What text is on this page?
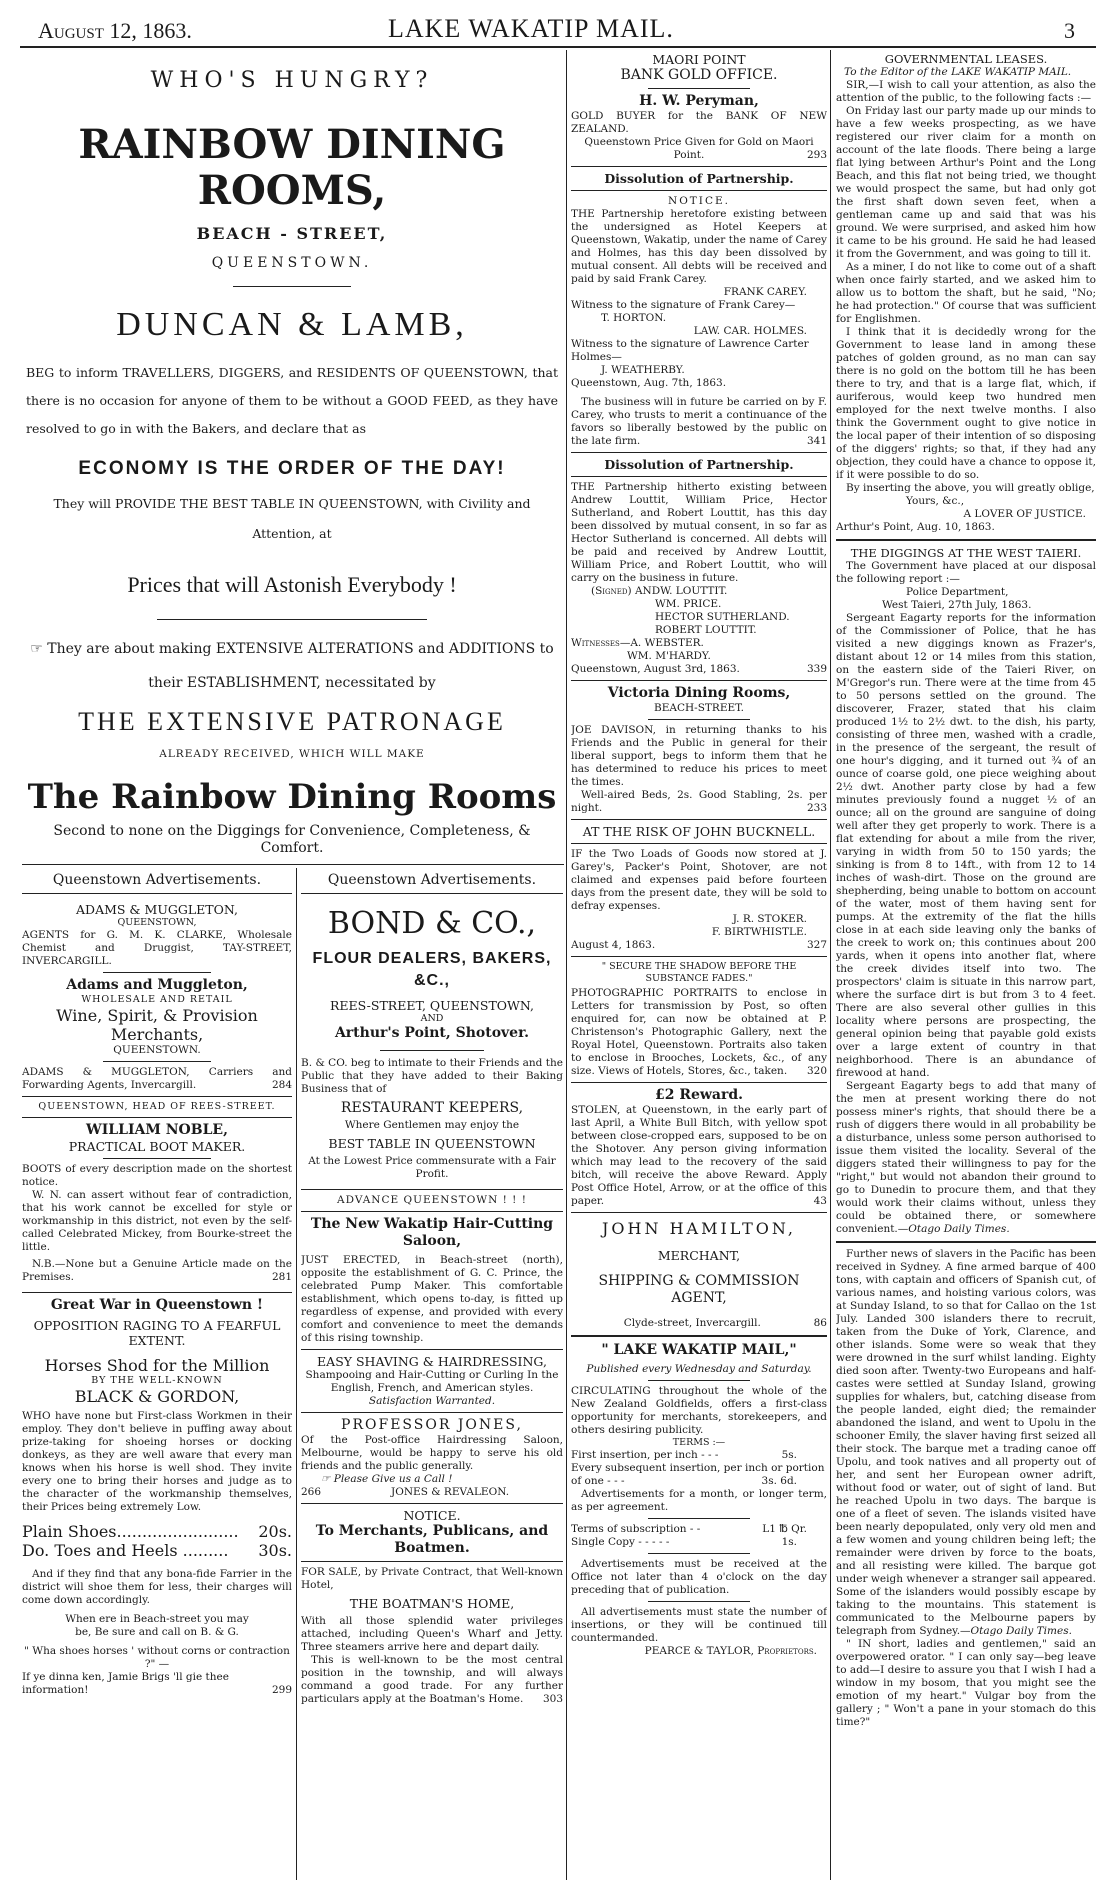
August 12, 1863.	LAKE WAKATIP MAIL.	3
WHO'S HUNGRY?
RAINBOW DINING ROOMS,
BEACH - STREET,
QUEENSTOWN.
DUNCAN & LAMB,
BEG to inform TRAVELLERS, DIGGERS, and RESIDENTS OF QUEENSTOWN, that there is no occasion for anyone of them to be without a GOOD FEED, as they have resolved to go in with the Bakers, and declare that as
ECONOMY IS THE ORDER OF THE DAY!
They will PROVIDE THE BEST TABLE IN QUEENSTOWN, with Civility and Attention, at
Prices that will Astonish Everybody !
☞ They are about making EXTENSIVE ALTERATIONS and ADDITIONS to their ESTABLISHMENT, necessitated by
THE EXTENSIVE PATRONAGE
ALREADY RECEIVED, WHICH WILL MAKE
The Rainbow Dining Rooms
Second to none on the Diggings for Convenience, Completeness, & Comfort.
Queenstown Advertisements.
ADAMS & MUGGLETON,
QUEENSTOWN,
AGENTS for G. M. K. CLARKE, Wholesale Chemist and Druggist, TAY-STREET, INVERCARGILL.
Adams and Muggleton,
WHOLESALE AND RETAIL
Wine, Spirit, & Provision Merchants,
QUEENSTOWN.
ADAMS & MUGGLETON, Carriers and Forwarding Agents, Invercargill.	284
QUEENSTOWN, HEAD OF REES-STREET.
WILLIAM NOBLE,
PRACTICAL BOOT MAKER.
BOOTS of every description made on the shortest notice.
W. N. can assert without fear of contradiction, that his work cannot be excelled for style or workmanship in this district, not even by the self-called Celebrated Mickey, from Bourke-street the little.
N.B.—None but a Genuine Article made on the Premises.	281
Great War in Queenstown !
OPPOSITION RAGING TO A FEARFUL EXTENT.
Horses Shod for the Million
BY THE WELL-KNOWN
BLACK & GORDON,
WHO have none but First-class Workmen in their employ. They don't believe in puffing away about prize-taking for shoeing horses or docking donkeys, as they are well aware that every man knows when his horse is well shod. They invite every one to bring their horses and judge as to the character of the workmanship themselves, their Prices being extremely Low.
Plain Shoes........................ 20s.
Do. Toes and Heels ......... 30s.
And if they find that any bona-fide Farrier in the district will shoe them for less, their charges will come down accordingly.
When ere in Beach-street you may be, Be sure and call on B. & G.
" Wha shoes horses ' without corns or contraction ?" —
If ye dinna ken, Jamie Brigs 'll gie thee information!	299
Queenstown Advertisements.
BOND & CO.,
FLOUR DEALERS, BAKERS, &C.,
REES-STREET, QUEENSTOWN,
AND
Arthur's Point, Shotover.
B. & CO. beg to intimate to their Friends and the Public that they have added to their Baking Business that of
RESTAURANT KEEPERS,
Where Gentlemen may enjoy the
BEST TABLE IN QUEENSTOWN
At the Lowest Price commensurate with a Fair Profit.
ADVANCE QUEENSTOWN ! ! !
The New Wakatip Hair-Cutting Saloon,
JUST ERECTED, in Beach-street (north), opposite the establishment of G. C. Prince, the celebrated Pump Maker. This comfortable establishment, which opens to-day, is fitted up regardless of expense, and provided with every comfort and convenience to meet the demands of this rising township.
EASY SHAVING & HAIRDRESSING,
Shampooing and Hair-Cutting or Curling In the English, French, and American styles.
Satisfaction Warranted.
PROFESSOR JONES,
Of the Post-office Hairdressing Saloon, Melbourne, would be happy to serve his old friends and the public generally.
☞ Please Give us a Call !
266	JONES & REVALEON.
NOTICE.
To Merchants, Publicans, and Boatmen.
FOR SALE, by Private Contract, that Well-known Hotel,
THE BOATMAN'S HOME,
With all those splendid water privileges attached, including Queen's Wharf and Jetty. Three steamers arrive here and depart daily.
This is well-known to be the most central position in the township, and will always command a good trade. For any further particulars apply at the Boatman's Home.	303
MAORI POINT
BANK GOLD OFFICE.
H. W. Peryman,
GOLD BUYER for the BANK OF NEW ZEALAND.
Queenstown Price Given for Gold on Maori Point.	293
Dissolution of Partnership.
NOTICE.
THE Partnership heretofore existing between the undersigned as Hotel Keepers at Queenstown, Wakatip, under the name of Carey and Holmes, has this day been dissolved by mutual consent. All debts will be received and paid by said Frank Carey.
FRANK CAREY.
Witness to the signature of Frank Carey—
T. HORTON.
LAW. CAR. HOLMES.
Witness to the signature of Lawrence Carter Holmes—
J. WEATHERBY.
Queenstown, Aug. 7th, 1863.
The business will in future be carried on by F. Carey, who trusts to merit a continuance of the favors so liberally bestowed by the public on the late firm.	341
Dissolution of Partnership.
THE Partnership hitherto existing between Andrew Louttit, William Price, Hector Sutherland, and Robert Louttit, has this day been dissolved by mutual consent, in so far as Hector Sutherland is concerned. All debts will be paid and received by Andrew Louttit, William Price, and Robert Louttit, who will carry on the business in future.
(Signed) ANDW. LOUTTIT.
WM. PRICE.
HECTOR SUTHERLAND.
ROBERT LOUTTIT.
Witnesses—A. WEBSTER.
WM. M'HARDY.
Queenstown, August 3rd, 1863.	339
Victoria Dining Rooms,
BEACH-STREET.
JOE DAVISON, in returning thanks to his Friends and the Public in general for their liberal support, begs to inform them that he has determined to reduce his prices to meet the times.
Well-aired Beds, 2s. Good Stabling, 2s. per night.	233
AT THE RISK OF JOHN BUCKNELL.
IF the Two Loads of Goods now stored at J. Garey's, Packer's Point, Shotover, are not claimed and expenses paid before fourteen days from the present date, they will be sold to defray expenses.
J. R. STOKER.
F. BIRTWHISTLE.
August 4, 1863.	327
" SECURE THE SHADOW BEFORE THE SUBSTANCE FADES."
PHOTOGRAPHIC PORTRAITS to enclose in Letters for transmission by Post, so often enquired for, can now be obtained at P. Christenson's Photographic Gallery, next the Royal Hotel, Queenstown. Portraits also taken to enclose in Brooches, Lockets, &c., of any size. Views of Hotels, Stores, &c., taken. 320
£2 Reward.
STOLEN, at Queenstown, in the early part of last April, a White Bull Bitch, with yellow spot between close-cropped ears, supposed to be on the Shotover. Any person giving information which may lead to the recovery of the said bitch, will receive the above Reward. Apply Post Office Hotel, Arrow, or at the office of this paper.	43
JOHN HAMILTON,
MERCHANT,
SHIPPING & COMMISSION AGENT,
Clyde-street, Invercargill.	86
" LAKE WAKATIP MAIL,"
Published every Wednesday and Saturday.
CIRCULATING throughout the whole of the New Zealand Goldfields, offers a first-class opportunity for merchants, storekeepers, and others desiring publicity.
TERMS :—
First insertion, per inch - - -	5s.
Every subsequent insertion, per inch or portion of one - - -	3s. 6d.
Advertisements for a month, or longer term, as per agreement.
Terms of subscription - -	L1 ℔ Qr.
Single Copy - - - - -	1s.
Advertisements must be received at the Office not later than 4 o'clock on the day preceding that of publication.
All advertisements must state the number of insertions, or they will be continued till countermanded.
PEARCE & TAYLOR, Proprietors.
GOVERNMENTAL LEASES.
To the Editor of the LAKE WAKATIP MAIL.
SIR,—I wish to call your attention, as also the attention of the public, to the following facts :—
On Friday last our party made up our minds to have a few weeks prospecting, as we have registered our river claim for a month on account of the late floods. There being a large flat lying between Arthur's Point and the Long Beach, and this flat not being tried, we thought we would prospect the same, but had only got the first shaft down seven feet, when a gentleman came up and said that was his ground. We were surprised, and asked him how it came to be his ground. He said he had leased it from the Government, and was going to till it.
As a miner, I do not like to come out of a shaft when once fairly started, and we asked him to allow us to bottom the shaft, but he said, "No; he had protection." Of course that was sufficient for Englishmen.
I think that it is decidedly wrong for the Government to lease land in among these patches of golden ground, as no man can say there is no gold on the bottom till he has been there to try, and that is a large flat, which, if auriferous, would keep two hundred men employed for the next twelve months. I also think the Government ought to give notice in the local paper of their intention of so disposing of the diggers' rights; so that, if they had any objection, they could have a chance to oppose it, if it were possible to do so.
By inserting the above, you will greatly oblige,
Yours, &c.,
A LOVER OF JUSTICE.
Arthur's Point, Aug. 10, 1863.
THE DIGGINGS AT THE WEST TAIERI.
The Government have placed at our disposal the following report :—
Police Department,
West Taieri, 27th July, 1863.
Sergeant Eagarty reports for the information of the Commissioner of Police, that he has visited a new diggings known as Frazer's, distant about 12 or 14 miles from this station, on the eastern side of the Taieri River, on M'Gregor's run. There were at the time from 45 to 50 persons settled on the ground. The discoverer, Frazer, stated that his claim produced 1½ to 2½ dwt. to the dish, his party, consisting of three men, washed with a cradle, in the presence of the sergeant, the result of one hour's digging, and it turned out ¾ of an ounce of coarse gold, one piece weighing about 2½ dwt. Another party close by had a few minutes previously found a nugget ½ of an ounce; all on the ground are sanguine of doing well after they get properly to work. There is a flat extending for about a mile from the river, varying in width from 50 to 150 yards; the sinking is from 8 to 14ft., with from 12 to 14 inches of wash-dirt. Those on the ground are shepherding, being unable to bottom on account of the water, most of them having sent for pumps. At the extremity of the flat the hills close in at each side leaving only the banks of the creek to work on; this continues about 200 yards, when it opens into another flat, where the creek divides itself into two. The prospectors' claim is situate in this narrow part, where the surface dirt is but from 3 to 4 feet. There are also several other gullies in this locality where persons are prospecting, the general opinion being that payable gold exists over a large extent of country in that neighborhood. There is an abundance of firewood at hand.
Sergeant Eagarty begs to add that many of the men at present working there do not possess miner's rights, that should there be a rush of diggers there would in all probability be a disturbance, unless some person authorised to issue them visited the locality. Several of the diggers stated their willingness to pay for the "right," but would not abandon their ground to go to Dunedin to procure them, and that they would work their claims without, unless they could be obtained there, or somewhere convenient.—Otago Daily Times.
Further news of slavers in the Pacific has been received in Sydney. A fine armed barque of 400 tons, with captain and officers of Spanish cut, of various names, and hoisting various colors, was at Sunday Island, to so that for Callao on the 1st July. Landed 300 islanders there to recruit, taken from the Duke of York, Clarence, and other islands. Some were so weak that they were drowned in the surf whilst landing. Eighty died soon after. Twenty-two Europeans and half-castes were settled at Sunday Island, growing supplies for whalers, but, catching disease from the people landed, eight died; the remainder abandoned the island, and went to Upolu in the schooner Emily, the slaver having first seized all their stock. The barque met a trading canoe off Upolu, and took natives and all property out of her, and sent her European owner adrift, without food or water, out of sight of land. But he reached Upolu in two days. The barque is one of a fleet of seven. The islands visited have been nearly depopulated, only very old men and a few women and young children being left; the remainder were driven by force to the boats, and all resisting were killed. The barque got under weigh whenever a stranger sail appeared. Some of the islanders would possibly escape by taking to the mountains. This statement is communicated to the Melbourne papers by telegraph from Sydney.—Otago Daily Times.
" IN short, ladies and gentlemen," said an overpowered orator. " I can only say—beg leave to add—I desire to assure you that I wish I had a window in my bosom, that you might see the emotion of my heart." Vulgar boy from the gallery ; " Won't a pane in your stomach do this time?"
